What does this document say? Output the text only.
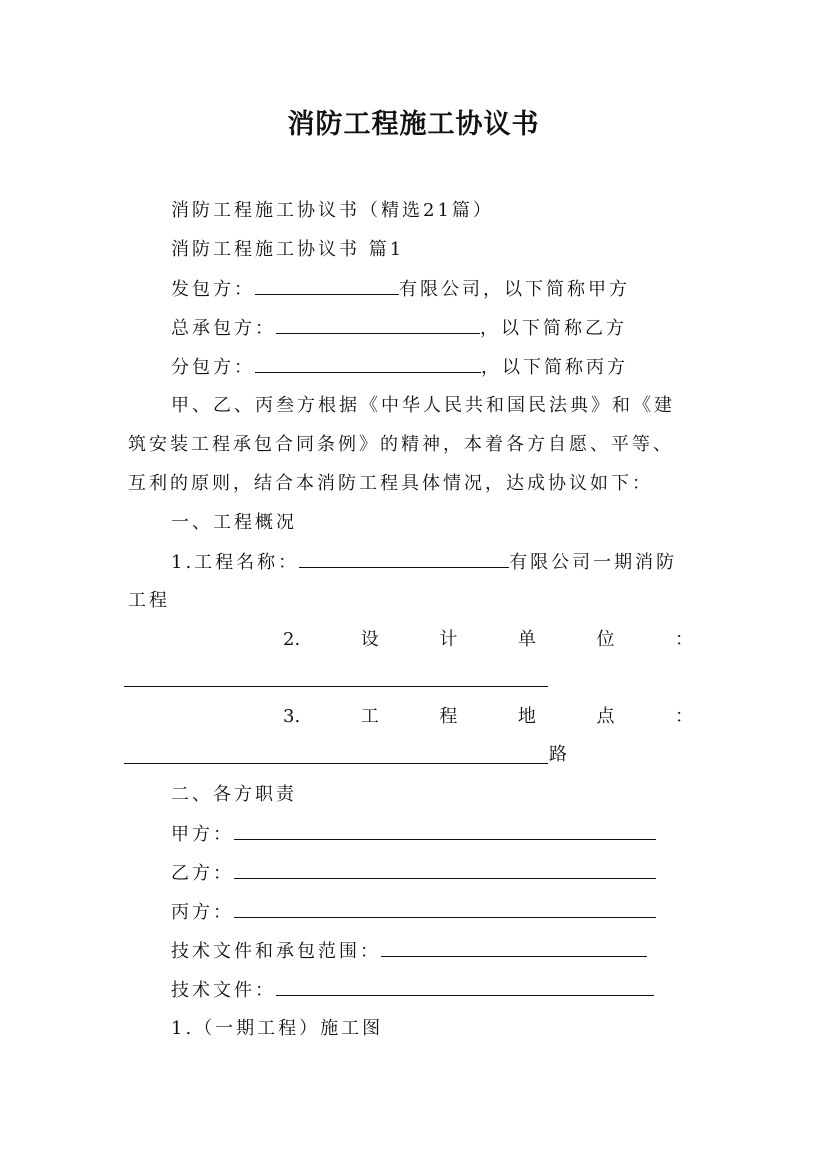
消防工程施工协议书
消防工程施工协议书（精选21篇）
消防工程施工协议书 篇1
发包方：	有限公司，以下简称甲方
总承包方：	，以下简称乙方
分包方：	，以下简称丙方
甲、乙、丙叁方根据《中华人民共和国民法典》和《建
筑安装工程承包合同条例》的精神，本着各方自愿、平等、
互利的原则，结合本消防工程具体情况，达成协议如下：
一、工程概况
1.工程名称：	有限公司一期消防
工程
2.	设	计	单	位	：
3.	工	程	地	点	：
路
二、各方职责
甲方：
乙方：
丙方：
技术文件和承包范围：
技术文件：
1.（一期工程）施工图
